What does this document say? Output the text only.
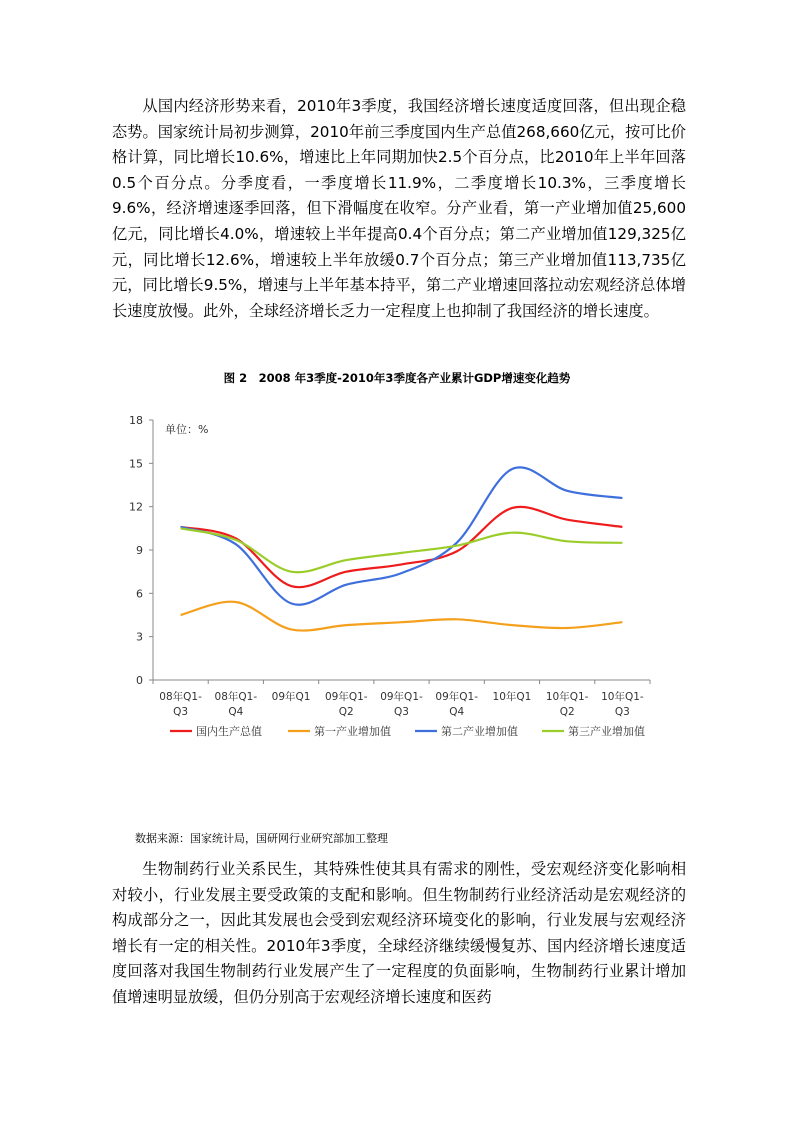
从国内经济形势来看，2010年3季度，我国经济增长速度适度回落，但出现企稳态势。国家统计局初步测算，2010年前三季度国内生产总值268,660亿元，按可比价格计算，同比增长10.6%，增速比上年同期加快2.5个百分点，比2010年上半年回落0.5个百分点。分季度看，一季度增长11.9%，二季度增长10.3%，三季度增长9.6%，经济增速逐季回落，但下滑幅度在收窄。分产业看，第一产业增加值25,600亿元，同比增长4.0%，增速较上半年提高0.4个百分点；第二产业增加值129,325亿元，同比增长12.6%，增速较上半年放缓0.7个百分点；第三产业增加值113,735亿元，同比增长9.5%，增速与上半年基本持平，第二产业增速回落拉动宏观经济总体增长速度放慢。此外，全球经济增长乏力一定程度上也抑制了我国经济的增长速度。

图 2　2008 年3季度-2010年3季度各产业累计GDP增速变化趋势
0
3
6
9
12
15
18
08年Q1-Q3
08年Q1-Q4
09年Q1 09年Q1-Q2
09年Q1-Q3
09年Q1-Q4
10年Q1 10年Q1-Q2
10年Q1-Q3
单位：%
国内生产总值	第一产业增加值	第二产业增加值	第三产业增加值
数据来源：国家统计局，国研网行业研究部加工整理

生物制药行业关系民生，其特殊性使其具有需求的刚性，受宏观经济变化影响相对较小，行业发展主要受政策的支配和影响。但生物制药行业经济活动是宏观经济的构成部分之一，因此其发展也会受到宏观经济环境变化的影响，行业发展与宏观经济增长有一定的相关性。2010年3季度，全球经济继续缓慢复苏、国内经济增长速度适度回落对我国生物制药行业发展产生了一定程度的负面影响，生物制药行业累计增加值增速明显放缓，但仍分别高于宏观经济增长速度和医药
